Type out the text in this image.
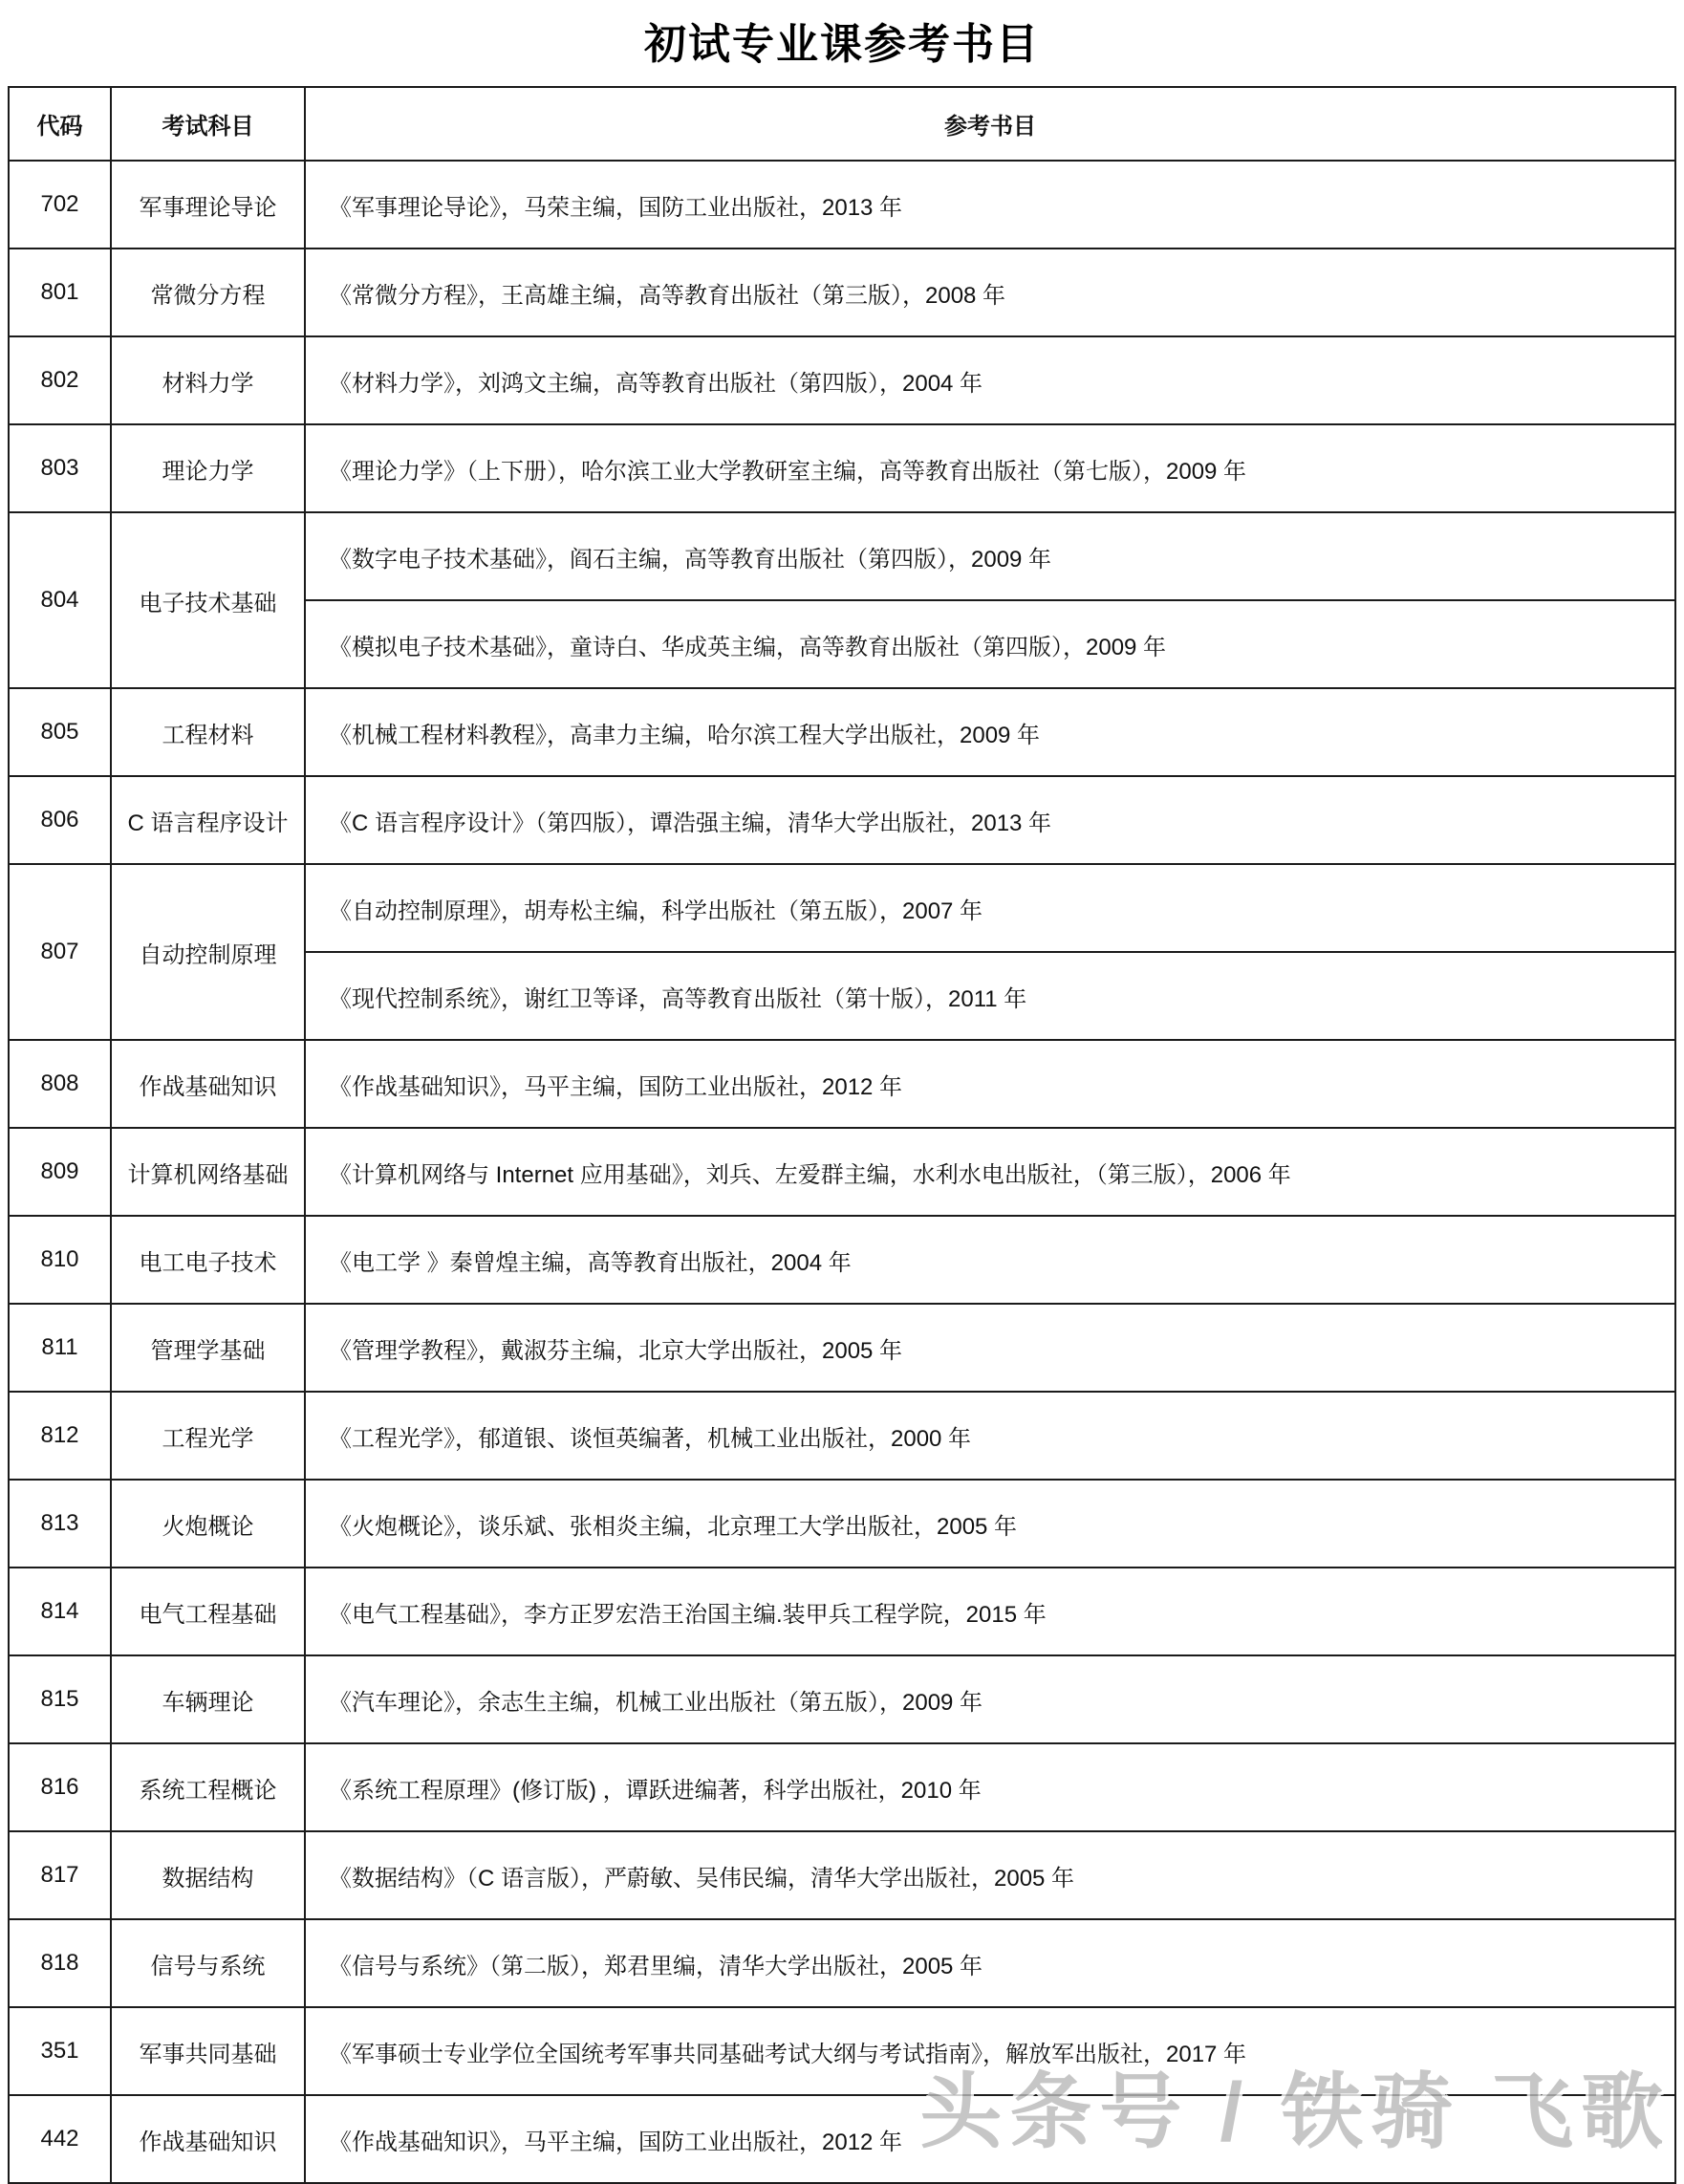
初试专业课参考书目
代码	考试科目	参考书目
702	军事理论导论	《军事理论导论》，马荣主编，国防工业出版社，2013 年
801	常微分方程	《常微分方程》，王高雄主编，高等教育出版社（第三版），2008 年
802	材料力学	《材料力学》，刘鸿文主编，高等教育出版社（第四版），2004 年
803	理论力学	《理论力学》（上下册），哈尔滨工业大学教研室主编，高等教育出版社（第七版），2009 年
804	电子技术基础	《数字电子技术基础》，阎石主编，高等教育出版社（第四版），2009 年
		《模拟电子技术基础》，童诗白、华成英主编，高等教育出版社（第四版），2009 年
805	工程材料	《机械工程材料教程》，高聿力主编，哈尔滨工程大学出版社，2009 年
806	C 语言程序设计	《C 语言程序设计》（第四版），谭浩强主编，清华大学出版社，2013 年
807	自动控制原理	《自动控制原理》，胡寿松主编，科学出版社（第五版），2007 年
		《现代控制系统》，谢红卫等译，高等教育出版社（第十版），2011 年
808	作战基础知识	《作战基础知识》，马平主编，国防工业出版社，2012 年
809	计算机网络基础	《计算机网络与 Internet 应用基础》，刘兵、左爱群主编，水利水电出版社，（第三版），2006 年
810	电工电子技术	《电工学 》秦曾煌主编，高等教育出版社，2004 年
811	管理学基础	《管理学教程》，戴淑芬主编，北京大学出版社，2005 年
812	工程光学	《工程光学》，郁道银、谈恒英编著，机械工业出版社，2000 年
813	火炮概论	《火炮概论》，谈乐斌、张相炎主编，北京理工大学出版社，2005 年
814	电气工程基础	《电气工程基础》，李方正罗宏浩王治国主编.装甲兵工程学院，2015 年
815	车辆理论	《汽车理论》，余志生主编，机械工业出版社（第五版），2009 年
816	系统工程概论	《系统工程原理》(修订版) ，谭跃进编著，科学出版社，2010 年
817	数据结构	《数据结构》（C 语言版），严蔚敏、吴伟民编，清华大学出版社，2005 年
818	信号与系统	《信号与系统》（第二版），郑君里编，清华大学出版社，2005 年
351	军事共同基础	《军事硕士专业学位全国统考军事共同基础考试大纲与考试指南》，解放军出版社，2017 年
442	作战基础知识	《作战基础知识》，马平主编，国防工业出版社，2012 年 头条号 / 铁骑 飞歌
